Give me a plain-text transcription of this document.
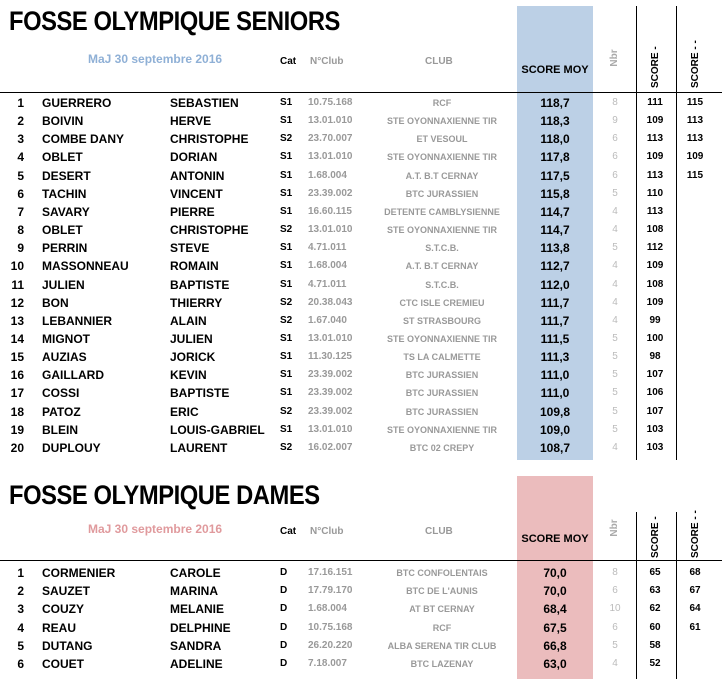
FOSSE OLYMPIQUE SENIORS
MaJ 30 septembre 2016	Cat N°Club	CLUB
SCORE MOY
Nbr	SCORE -	SCORE - -
1 GUERRERO	SEBASTIEN	S1 10.75.168	RCF	118,7	8	111	115
2 BOIVIN	HERVE	S1 13.01.010	STE OYONNAXIENNE TIR	118,3	9	109	113
3 COMBE DANY	CHRISTOPHE	S2 23.70.007	ET VESOUL	118,0	6	113	113
4 OBLET	DORIAN	S1 13.01.010	STE OYONNAXIENNE TIR	117,8	6	109	109
5 DESERT	ANTONIN	S1 1.68.004	A.T. B.T CERNAY	117,5	6	113	115
6 TACHIN	VINCENT	S1 23.39.002	BTC JURASSIEN	115,8	5	110
7 SAVARY	PIERRE	S1 16.60.115	DETENTE CAMBLYSIENNE	114,7	4	113
8 OBLET	CHRISTOPHE	S2 13.01.010	STE OYONNAXIENNE TIR	114,7	4	108
9 PERRIN	STEVE	S1 4.71.011	S.T.C.B.	113,8	5	112
10 MASSONNEAU	ROMAIN	S1 1.68.004	A.T. B.T CERNAY	112,7	4	109
11 JULIEN	BAPTISTE	S1 4.71.011	S.T.C.B.	112,0	4	108
12 BON	THIERRY	S2 20.38.043	CTC ISLE CREMIEU	111,7	4	109
13 LEBANNIER	ALAIN	S2 1.67.040	ST STRASBOURG	111,7	4	99
14 MIGNOT	JULIEN	S1 13.01.010	STE OYONNAXIENNE TIR	111,5	5	100
15 AUZIAS	JORICK	S1 11.30.125	TS LA CALMETTE	111,3	5	98
16 GAILLARD	KEVIN	S1 23.39.002	BTC JURASSIEN	111,0	5	107
17 COSSI	BAPTISTE	S1 23.39.002	BTC JURASSIEN	111,0	5	106
18 PATOZ	ERIC	S2 23.39.002	BTC JURASSIEN	109,8	5	107
19 BLEIN	LOUIS-GABRIEL S1 13.01.010	STE OYONNAXIENNE TIR	109,0	5	103
20 DUPLOUY	LAURENT	S2 16.02.007	BTC 02 CREPY	108,7	4	103
FOSSE OLYMPIQUE DAMES
MaJ 30 septembre 2016	Cat N°Club	CLUB
SCORE MOY
Nbr	SCORE -	SCORE - -
1 CORMENIER	CAROLE	D 17.16.151	BTC CONFOLENTAIS	70,0	8	65	68
2 SAUZET	MARINA	D 17.79.170	BTC DE L'AUNIS	70,0	6	63	67
3 COUZY	MELANIE	D 1.68.004	AT BT CERNAY	68,4	10	62	64
4 REAU	DELPHINE	D 10.75.168	RCF	67,5	6	60	61
5 DUTANG	SANDRA	D 26.20.220	ALBA SERENA TIR CLUB	66,8	5	58
6 COUET	ADELINE	D 7.18.007	BTC LAZENAY	63,0	4	52
